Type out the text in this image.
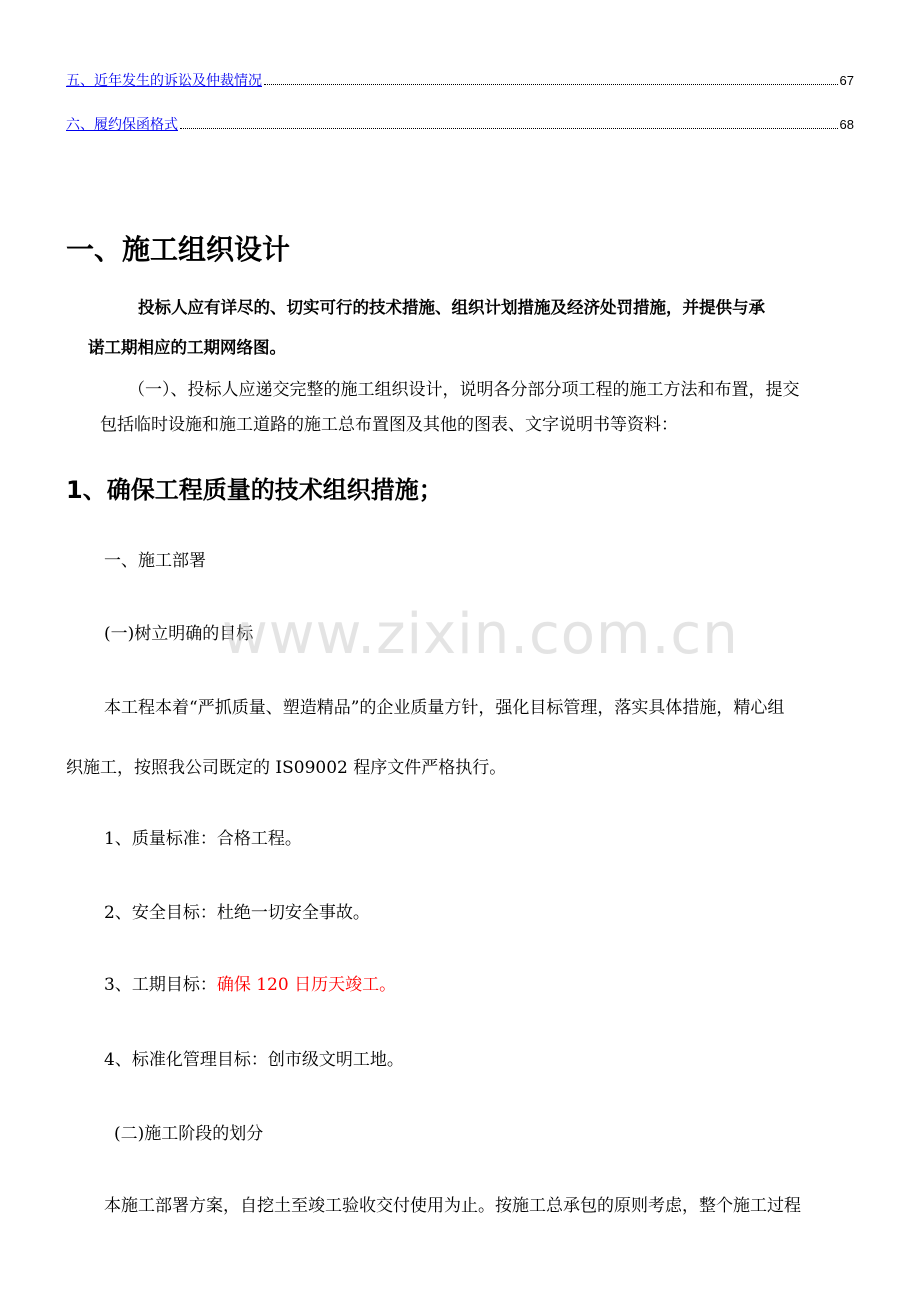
五、近年发生的诉讼及仲裁情况	67
六、履约保函格式	68
一、施工组织设计
投标人应有详尽的、切实可行的技术措施、组织计划措施及经济处罚措施，并提供与承
诺工期相应的工期网络图。
（一）、投标人应递交完整的施工组织设计，说明各分部分项工程的施工方法和布置，提交
包括临时设施和施工道路的施工总布置图及其他的图表、文字说明书等资料：
1、确保工程质量的技术组织措施；
一、施工部署
(一)树立明确的目标
本工程本着“严抓质量、塑造精品”的企业质量方针，强化目标管理，落实具体措施，精心组
织施工，按照我公司既定的 IS09002 程序文件严格执行。
1、质量标准：合格工程。
2、安全目标：杜绝一切安全事故。
3、工期目标：确保 120 日历天竣工。
4、标准化管理目标：创市级文明工地。
(二)施工阶段的划分
本施工部署方案，自挖土至竣工验收交付使用为止。按施工总承包的原则考虑，整个施工过程
www.zixin.com.cn
